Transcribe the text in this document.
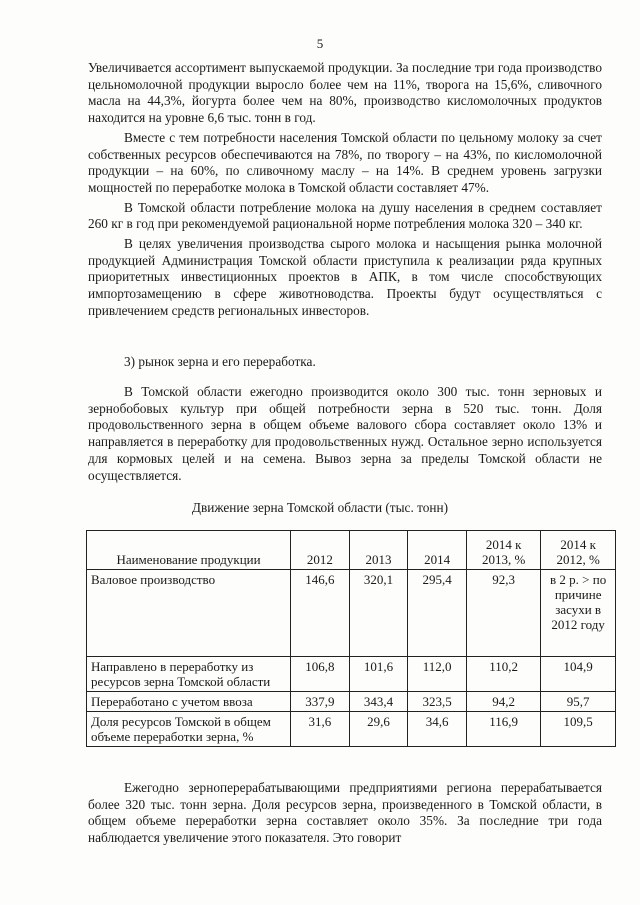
5

Увеличивается ассортимент выпускаемой продукции. За последние три года производство цельномолочной продукции выросло более чем на 11%, творога на 15,6%, сливочного масла на 44,3%, йогурта более чем на 80%, производство кисломолочных продуктов находится на уровне 6,6 тыс. тонн в год.

Вместе с тем потребности населения Томской области по цельному молоку за счет собственных ресурсов обеспечиваются на 78%, по творогу – на 43%, по кисломолочной продукции – на 60%, по сливочному маслу – на 14%. В среднем уровень загрузки мощностей по переработке молока в Томской области составляет 47%.

В Томской области потребление молока на душу населения в среднем составляет 260 кг в год при рекомендуемой рациональной норме потребления молока 320 – 340 кг.

В целях увеличения производства сырого молока и насыщения рынка молочной продукцией Администрация Томской области приступила к реализации ряда крупных приоритетных инвестиционных проектов в АПК, в том числе способствующих импортозамещению в сфере животноводства. Проекты будут осуществляться с привлечением средств региональных инвесторов.

3) рынок зерна и его переработка.

В Томской области ежегодно производится около 300 тыс. тонн зерновых и зернобобовых культур при общей потребности зерна в 520 тыс. тонн. Доля продовольственного зерна в общем объеме валового сбора составляет около 13% и направляется в переработку для продовольственных нужд. Остальное зерно используется для кормовых целей и на семена. Вывоз зерна за пределы Томской области не осуществляется.

Движение зерна Томской области (тыс. тонн)
Наименование продукции	2012	2013	2014	2014 к 2013, %	2014 к 2012, %
Валовое производство	146,6	320,1	295,4	92,3	в 2 р. > по причине засухи в 2012 году
Направлено в переработку из ресурсов зерна Томской области	106,8	101,6	112,0	110,2	104,9
Переработано с учетом ввоза	337,9	343,4	323,5	94,2	95,7
Доля ресурсов Томской в общем объеме переработки зерна, %	31,6	29,6	34,6	116,9	109,5

Ежегодно зерноперерабатывающими предприятиями региона перерабатывается более 320 тыс. тонн зерна. Доля ресурсов зерна, произведенного в Томской области, в общем объеме переработки зерна составляет около 35%. За последние три года наблюдается увеличение этого показателя. Это говорит
